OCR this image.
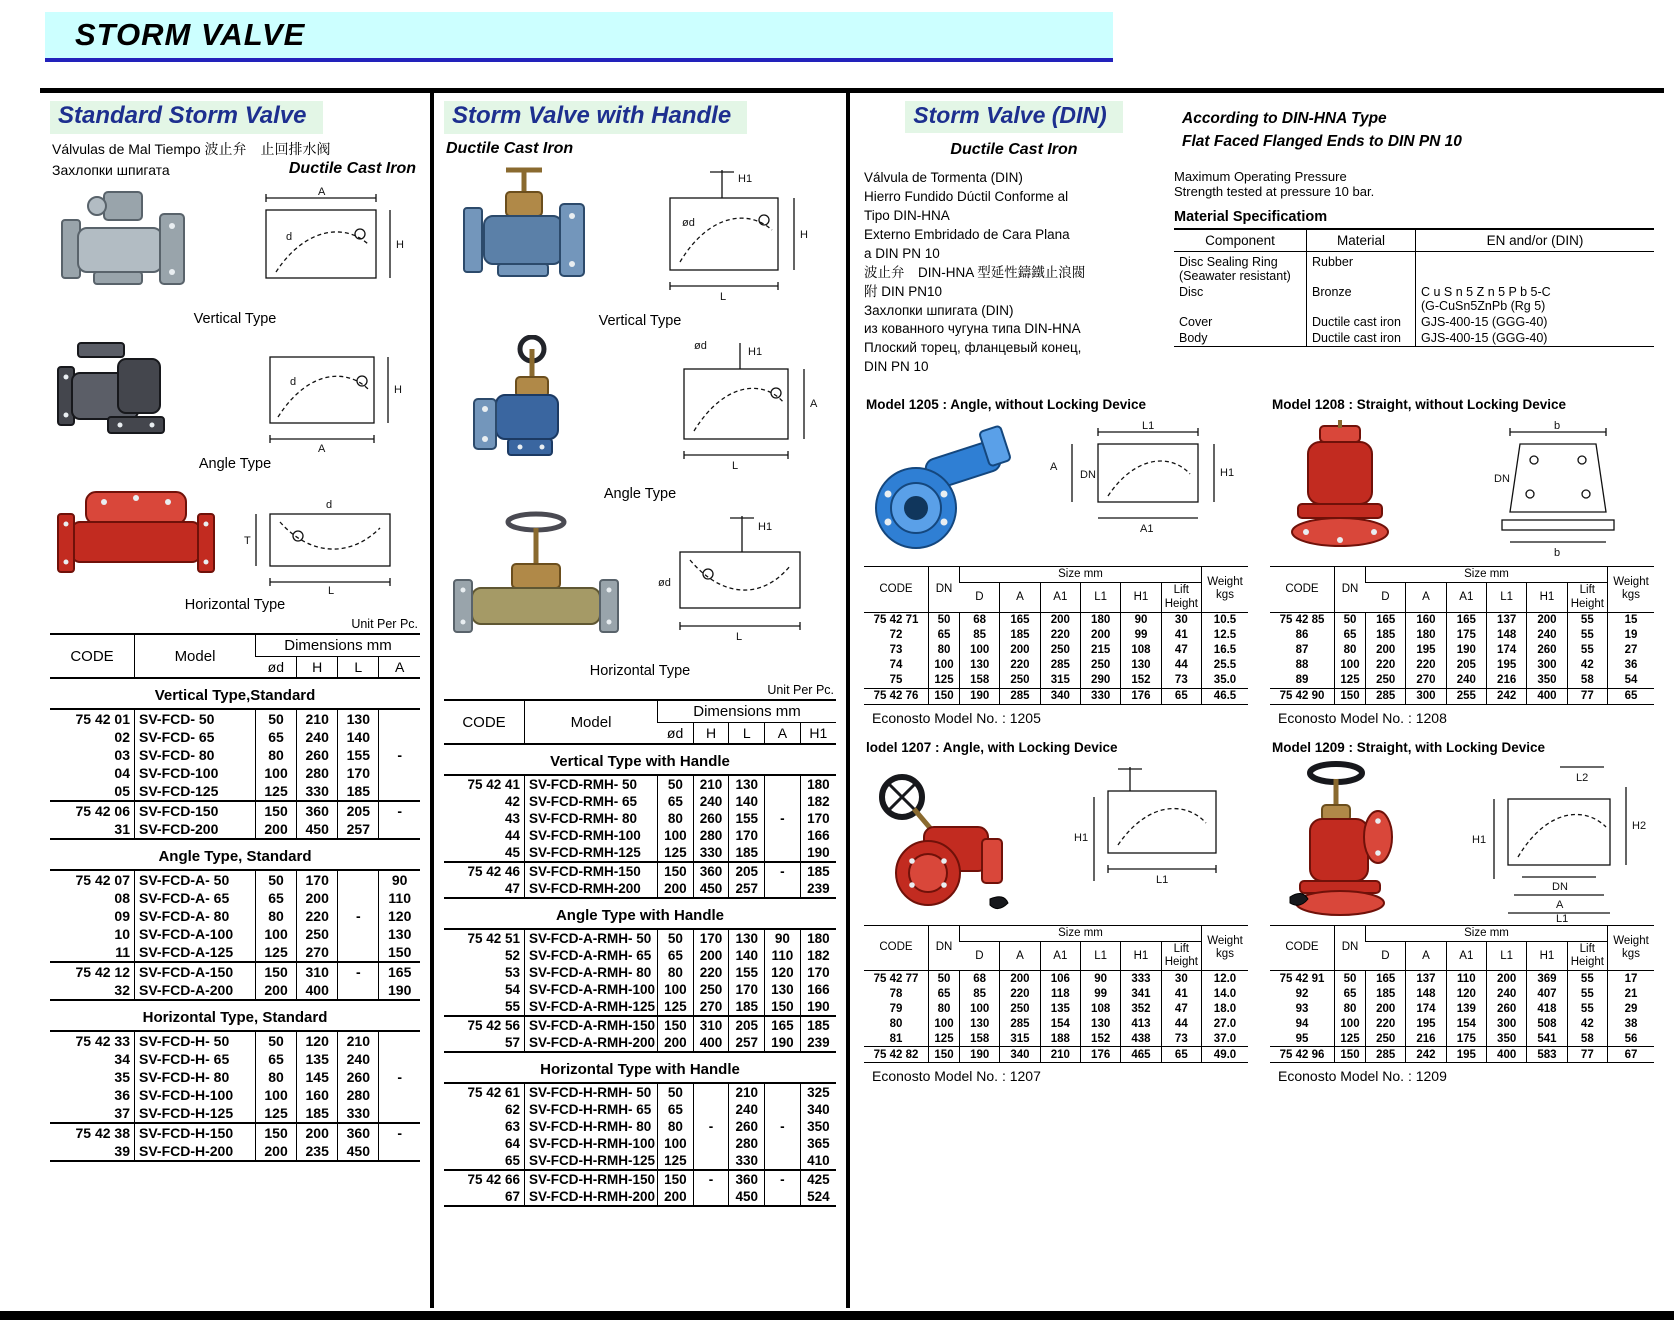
STORM VALVE
Standard Storm Valve
Válvulas de Mal Tiempo 波止弁　止回排水阀
Захлопки шпигата	Ductile Cast Iron
A
d
H
Vertical Type
d
H
A
Angle Type
T
d
L
Horizontal Type
Unit Per Pc.
CODE	Model	Dimensions mm			
		ød	H	L	A
Vertical Type,Standard					
75 42 01	SV-FCD- 50	50	210	130	
02	SV-FCD- 65	65	240	140	
03	SV-FCD- 80	80	260	155	-
04	SV-FCD-100	100	280	170	
05	SV-FCD-125	125	330	185	
75 42 06	SV-FCD-150	150	360	205	-
31	SV-FCD-200	200	450	257	
Angle Type, Standard					
75 42 07	SV-FCD-A- 50	50	170		90
08	SV-FCD-A- 65	65	200		110
09	SV-FCD-A- 80	80	220	-	120
10	SV-FCD-A-100	100	250		130
11	SV-FCD-A-125	125	270		150
75 42 12	SV-FCD-A-150	150	310	-	165
32	SV-FCD-A-200	200	400		190
Horizontal Type, Standard					
75 42 33	SV-FCD-H- 50	50	120	210	
34	SV-FCD-H- 65	65	135	240	
35	SV-FCD-H- 80	80	145	260	-
36	SV-FCD-H-100	100	160	280	
37	SV-FCD-H-125	125	185	330	
75 42 38	SV-FCD-H-150	150	200	360	-
39	SV-FCD-H-200	200	235	450	
Storm Valve with Handle
Ductile Cast Iron
H1
H
ød
L
Vertical Type
ød	H1
L
A
Angle Type
H1
ød
L
Horizontal Type
Unit Per Pc.
CODE	Model	Dimensions mm				
		ød	H	L	A	H1
Vertical Type with Handle						
75 42 41	SV-FCD-RMH- 50	50	210	130		180
42	SV-FCD-RMH- 65	65	240	140		182
43	SV-FCD-RMH- 80	80	260	155	-	170
44	SV-FCD-RMH-100	100	280	170		166
45	SV-FCD-RMH-125	125	330	185		190
75 42 46	SV-FCD-RMH-150	150	360	205	-	185
47	SV-FCD-RMH-200	200	450	257		239
Angle Type with Handle						
75 42 51	SV-FCD-A-RMH- 50	50	170	130	90	180
52	SV-FCD-A-RMH- 65	65	200	140	110	182
53	SV-FCD-A-RMH- 80	80	220	155	120	170
54	SV-FCD-A-RMH-100	100	250	170	130	166
55	SV-FCD-A-RMH-125	125	270	185	150	190
75 42 56	SV-FCD-A-RMH-150	150	310	205	165	185
57	SV-FCD-A-RMH-200	200	400	257	190	239
Horizontal Type with Handle						
75 42 61	SV-FCD-H-RMH- 50	50		210		325
62	SV-FCD-H-RMH- 65	65		240		340
63	SV-FCD-H-RMH- 80	80	-	260	-	350
64	SV-FCD-H-RMH-100	100		280		365
65	SV-FCD-H-RMH-125	125		330		410
75 42 66	SV-FCD-H-RMH-150	150	-	360	-	425
67	SV-FCD-H-RMH-200	200		450		524
Storm Valve (DIN)
Ductile Cast Iron
According to DIN-HNA Type
Flat Faced Flanged Ends to DIN PN 10
Válvula de Tormenta (DIN)
Hierro Fundido Dúctil Conforme al
Tipo DIN-HNA
Externo Embridado de Cara Plana
a DIN PN 10
波止弁　DIN-HNA 型延性鑄鐵止浪閥
附 DIN PN10
Захлопки шпигата (DIN)
из кованного чугуна типа DIN-HNA
Плоский торец, фланцевый конец,
DIN PN 10
Maximum Operating Pressure
Strength tested at pressure 10 bar.
Material Specificatiom
Component	Material	EN and/or (DIN)
Disc Sealing Ring
(Seawater resistant)	Rubber	
Disc	Bronze	C u S n 5 Z n 5 P b 5-C
(G-CuSn5ZnPb (Rg 5)
Cover	Ductile cast iron	GJS-400-15 (GGG-40)
Body	Ductile cast iron	GJS-400-15 (GGG-40)
Model 1205 : Angle, without Locking Device
L1
A
DN
A1
H1
CODE	DN	Size mm						Weight
kgs
		D	A	A1	L1	H1	Lift
Height	
75 42 71	50	68	165	200	180	90	30	10.5
72	65	85	185	220	200	99	41	12.5
73	80	100	200	250	215	108	47	16.5
74	100	130	220	285	250	130	44	25.5
75	125	158	250	315	290	152	73	35.0
75 42 76	150	190	285	340	330	176	65	46.5
Econosto Model No. : 1205
Model 1208 : Straight, without Locking Device
b
DN
b
CODE	DN	Size mm						Weight
kgs
		D	A	A1	L1	H1	Lift
Height	
75 42 85	50	165	160	165	137	200	55	15
86	65	185	180	175	148	240	55	19
87	80	200	195	190	174	260	55	27
88	100	220	220	205	195	300	42	36
89	125	250	270	240	216	350	58	54
75 42 90	150	285	300	255	242	400	77	65
Econosto Model No. : 1208
lodel 1207 : Angle, with Locking Device
H1
L1
CODE	DN	Size mm						Weight
kgs
		D	A	A1	L1	H1	Lift
Height	
75 42 77	50	68	200	106	90	333	30	12.0
78	65	85	220	118	99	341	41	14.0
79	80	100	250	135	108	352	47	18.0
80	100	130	285	154	130	413	44	27.0
81	125	158	315	188	152	438	73	37.0
75 42 82	150	190	340	210	176	465	65	49.0
Econosto Model No. : 1207
Model 1209 : Straight, with Locking Device
L2
H1
H2
DN
A
L1
CODE	DN	Size mm						Weight
kgs
		D	A	A1	L1	H1	Lift
Height	
75 42 91	50	165	137	110	200	369	55	17
92	65	185	148	120	240	407	55	21
93	80	200	174	139	260	418	55	29
94	100	220	195	154	300	508	42	38
95	125	250	216	175	350	541	58	56
75 42 96	150	285	242	195	400	583	77	67
Econosto Model No. : 1209
